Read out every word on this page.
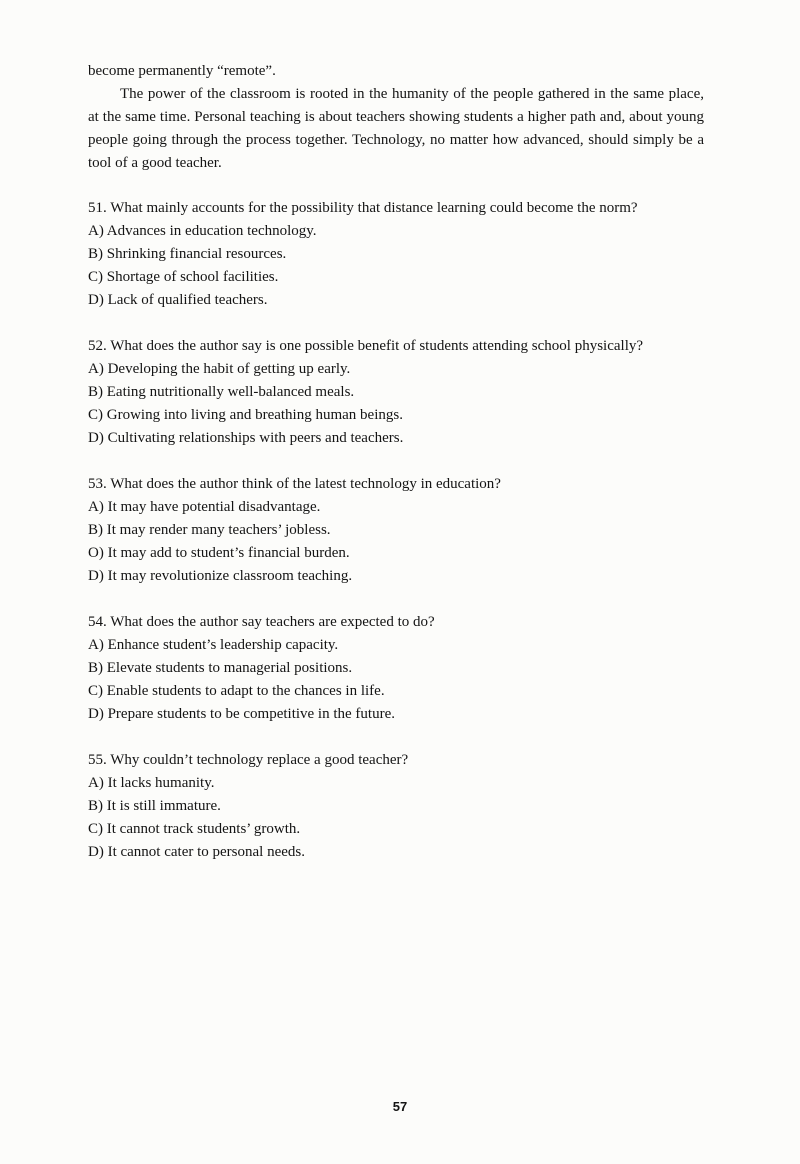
become permanently “remote”.

The power of the classroom is rooted in the humanity of the people gathered in the same place, at the same time. Personal teaching is about teachers showing students a higher path and, about young people going through the process together. Technology, no matter how advanced, should simply be a tool of a good teacher.

51. What mainly accounts for the possibility that distance learning could become the norm?

A) Advances in education technology.

B) Shrinking financial resources.

C) Shortage of school facilities.

D) Lack of qualified teachers.

52. What does the author say is one possible benefit of students attending school physically?

A) Developing the habit of getting up early.

B) Eating nutritionally well-balanced meals.

C) Growing into living and breathing human beings.

D) Cultivating relationships with peers and teachers.

53. What does the author think of the latest technology in education?

A) It may have potential disadvantage.

B) It may render many teachers’ jobless.

O) It may add to student’s financial burden.

D) It may revolutionize classroom teaching.

54. What does the author say teachers are expected to do?

A) Enhance student’s leadership capacity.

B) Elevate students to managerial positions.

C) Enable students to adapt to the chances in life.

D) Prepare students to be competitive in the future.

55. Why couldn’t technology replace a good teacher?

A) It lacks humanity.

B) It is still immature.

C) It cannot track students’ growth.

D) It cannot cater to personal needs.

57
